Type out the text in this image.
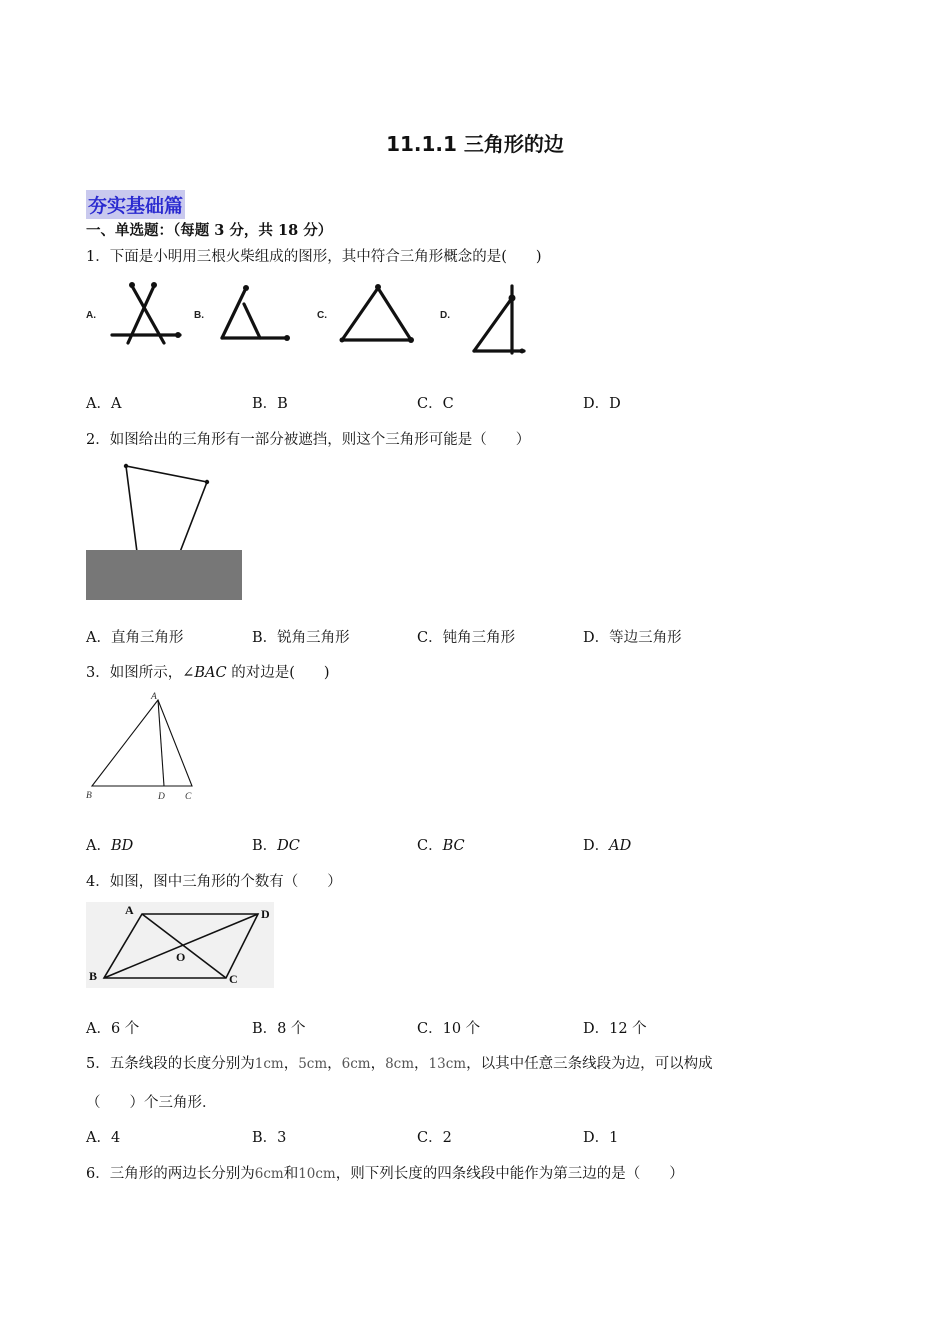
11.1.1 三角形的边
夯实基础篇
一、单选题：（每题 3 分，共 18 分）
1．下面是小明用三根火柴组成的图形，其中符合三角形概念的是(　　)
A.	B.	C.	D.
A．A	B．B	C．C	D．D
2．如图给出的三角形有一部分被遮挡，则这个三角形可能是（　　）
A．直角三角形	B．锐角三角形	C．钝角三角形	D．等边三角形
3．如图所示，∠BAC 的对边是(　　)
A
B	D C
A．BD	B．DC	C．BC	D．AD
4．如图，图中三角形的个数有（　　）
A	D
O
B	C
A．6 个	B．8 个	C．10 个	D．12 个
5．五条线段的长度分别为1cm，5cm，6cm，8cm，13cm，以其中任意三条线段为边，可以构成
（　　）个三角形．
A．4	B．3	C．2	D．1
6．三角形的两边长分别为6cm和10cm，则下列长度的四条线段中能作为第三边的是（　　）
